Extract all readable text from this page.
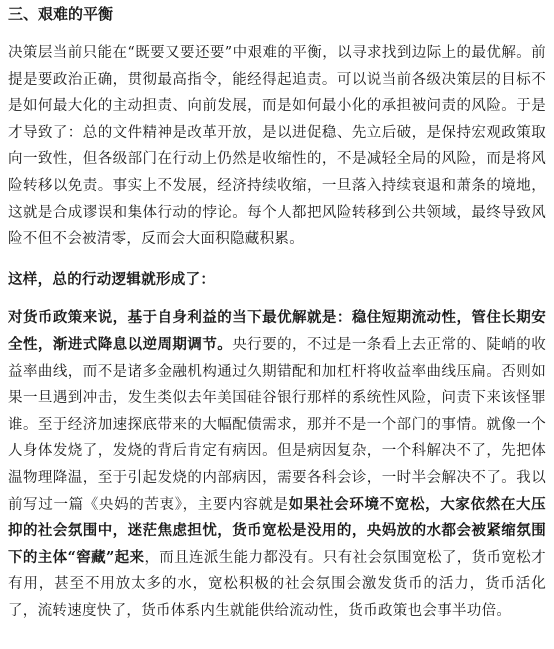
三、艰难的平衡

决策层当前只能在“既要又要还要”中艰难的平衡，以寻求找到边际上的最优解。前提是要政治正确，贯彻最高指令，能经得起追责。可以说当前各级决策层的目标不是如何最大化的主动担责、向前发展，而是如何最小化的承担被问责的风险。于是才导致了：总的文件精神是改革开放，是以进促稳、先立后破，是保持宏观政策取向一致性，但各级部门在行动上仍然是收缩性的，不是减轻全局的风险，而是将风险转移以免责。事实上不发展，经济持续收缩，一旦落入持续衰退和萧条的境地，这就是合成谬误和集体行动的悖论。每个人都把风险转移到公共领域，最终导致风险不但不会被清零，反而会大面积隐藏积累。

这样，总的行动逻辑就形成了：

对货币政策来说，基于自身利益的当下最优解就是：稳住短期流动性，管住长期安全性，渐进式降息以逆周期调节。央行要的，不过是一条看上去正常的、陡峭的收益率曲线，而不是诸多金融机构通过久期错配和加杠杆将收益率曲线压扁。否则如果一旦遇到冲击，发生类似去年美国硅谷银行那样的系统性风险，问责下来该怪罪谁。至于经济加速探底带来的大幅配债需求，那并不是一个部门的事情。就像一个人身体发烧了，发烧的背后肯定有病因。但是病因复杂，一个科解决不了，先把体温物理降温，至于引起发烧的内部病因，需要各科会诊，一时半会解决不了。我以前写过一篇《央妈的苦衷》，主要内容就是如果社会环境不宽松，大家依然在大压抑的社会氛围中，迷茫焦虑担忧，货币宽松是没用的，央妈放的水都会被紧缩氛围下的主体“窖藏”起来，而且连派生能力都没有。只有社会氛围宽松了，货币宽松才有用，甚至不用放太多的水，宽松积极的社会氛围会激发货币的活力，货币活化了，流转速度快了，货币体系内生就能供给流动性，货币政策也会事半功倍。
